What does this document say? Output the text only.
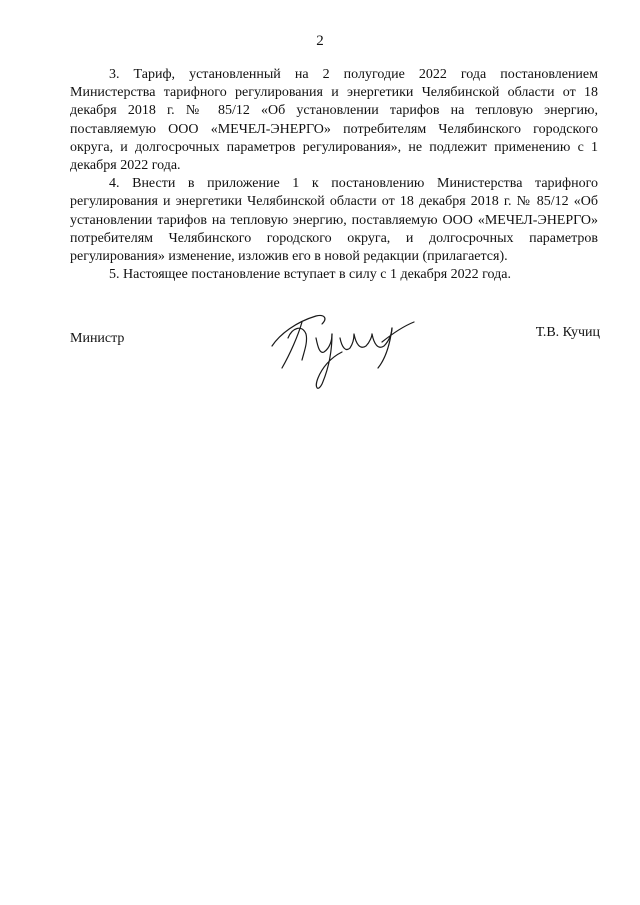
2

3. Тариф, установленный на 2 полугодие 2022 года постановлением Министерства тарифного регулирования и энергетики Челябинской области от 18 декабря 2018 г. № 85/12 «Об установлении тарифов на тепловую энергию, поставляемую ООО «МЕЧЕЛ-ЭНЕРГО» потребителям Челябинского городского округа, и долгосрочных параметров регулирования», не подлежит применению с 1 декабря 2022 года.

4. Внести в приложение 1 к постановлению Министерства тарифного регулирования и энергетики Челябинской области от 18 декабря 2018 г. № 85/12 «Об установлении тарифов на тепловую энергию, поставляемую ООО «МЕЧЕЛ-ЭНЕРГО» потребителям Челябинского городского округа, и долгосрочных параметров регулирования» изменение, изложив его в новой редакции (прилагается).

5. Настоящее постановление вступает в силу с 1 декабря 2022 года.

Министр	Т.В. Кучиц
